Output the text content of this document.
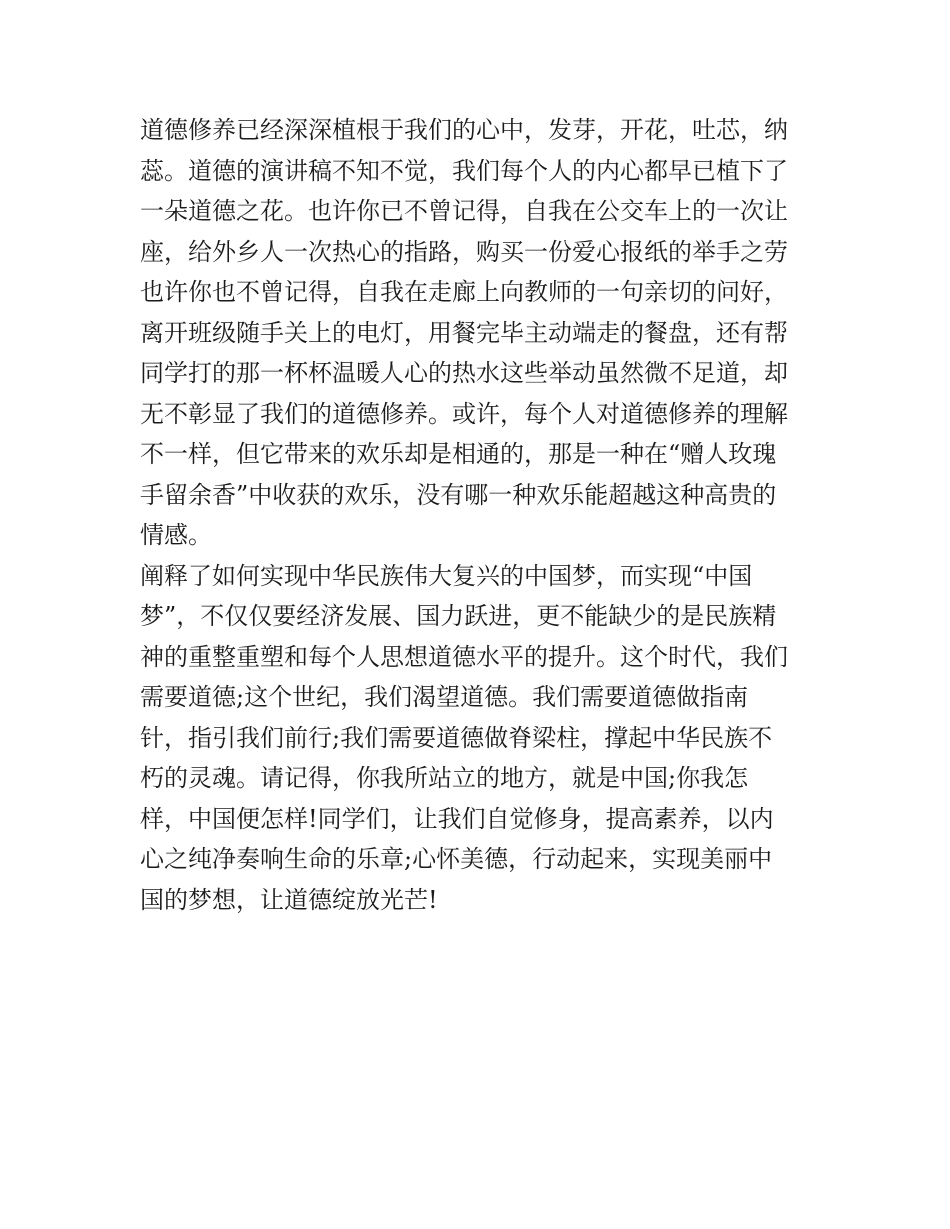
道德修养已经深深植根于我们的心中，发芽，开花，吐芯，纳
蕊。道德的演讲稿不知不觉，我们每个人的内心都早已植下了
一朵道德之花。也许你已不曾记得，自我在公交车上的一次让
座，给外乡人一次热心的指路，购买一份爱心报纸的举手之劳
也许你也不曾记得，自我在走廊上向教师的一句亲切的问好，
离开班级随手关上的电灯，用餐完毕主动端走的餐盘，还有帮
同学打的那一杯杯温暖人心的热水这些举动虽然微不足道，却
无不彰显了我们的道德修养。或许，每个人对道德修养的理解
不一样，但它带来的欢乐却是相通的，那是一种在“赠人玫瑰
手留余香”中收获的欢乐，没有哪一种欢乐能超越这种高贵的
情感。
阐释了如何实现中华民族伟大复兴的中国梦，而实现“中国
梦”，不仅仅要经济发展、国力跃进，更不能缺少的是民族精
神的重整重塑和每个人思想道德水平的提升。这个时代，我们
需要道德;这个世纪，我们渴望道德。我们需要道德做指南
针，指引我们前行;我们需要道德做脊梁柱，撑起中华民族不
朽的灵魂。请记得，你我所站立的地方，就是中国;你我怎
样，中国便怎样!同学们，让我们自觉修身，提高素养，以内
心之纯净奏响生命的乐章;心怀美德，行动起来，实现美丽中
国的梦想，让道德绽放光芒!
